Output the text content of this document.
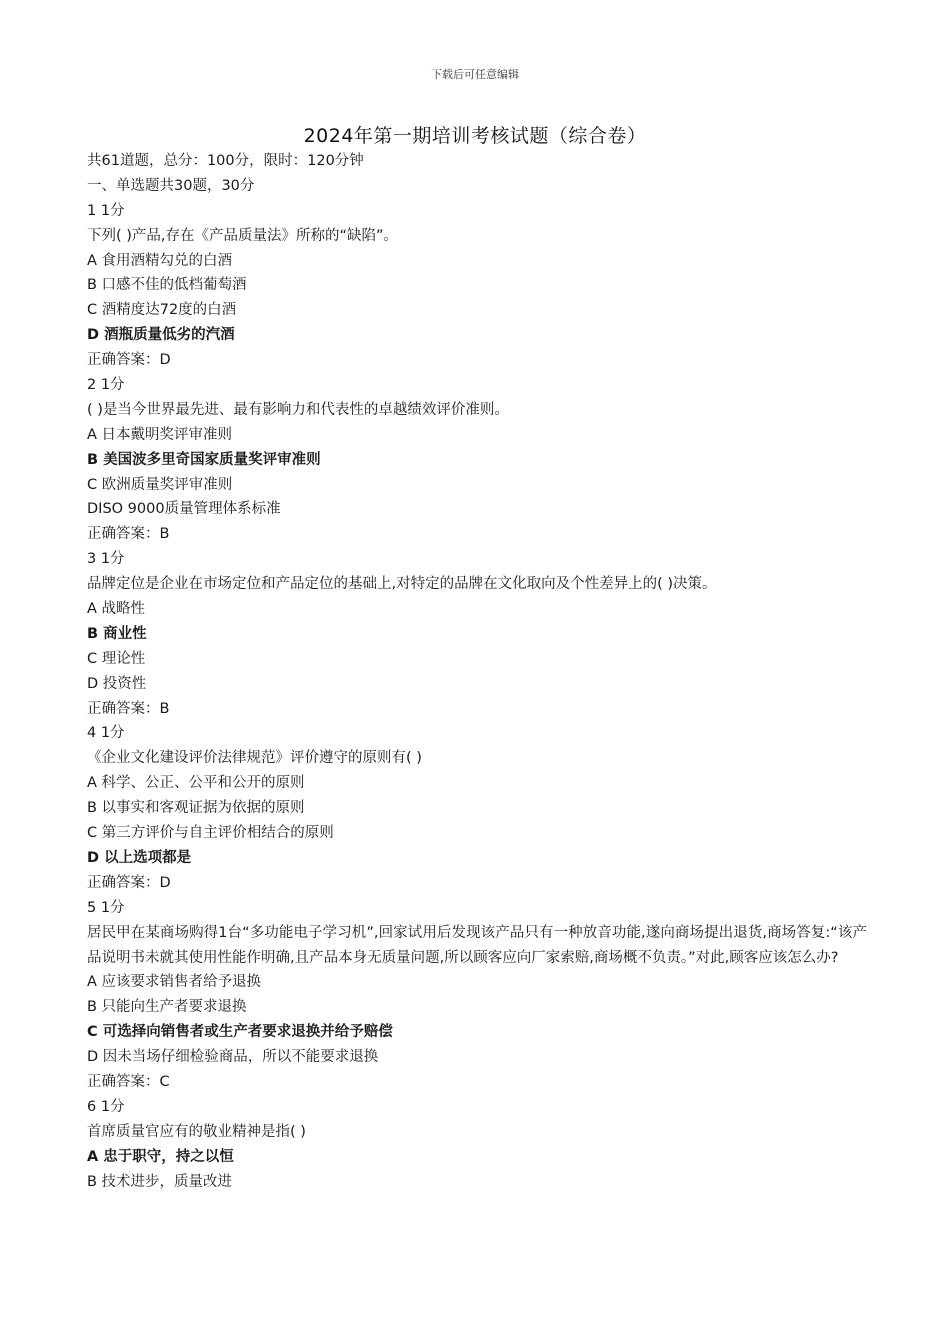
下载后可任意编辑
2024年第一期培训考核试题（综合卷）
共61道题，总分：100分，限时：120分钟
一、单选题共30题，30分
1 1分
下列( )产品,存在《产品质量法》所称的“缺陷”。
A 食用酒精勾兑的白酒
B 口感不佳的低档葡萄酒
C 酒精度达72度的白酒
D 酒瓶质量低劣的汽酒
正确答案：D
2 1分
( )是当今世界最先进、最有影响力和代表性的卓越绩效评价准则。
A 日本戴明奖评审准则
B 美国波多里奇国家质量奖评审准则
C 欧洲质量奖评审准则
DISO 9000质量管理体系标准
正确答案：B
3 1分
品牌定位是企业在市场定位和产品定位的基础上,对特定的品牌在文化取向及个性差异上的( )决策。
A 战略性
B 商业性
C 理论性
D 投资性
正确答案：B
4 1分
《企业文化建设评价法律规范》评价遵守的原则有( )
A 科学、公正、公平和公开的原则
B 以事实和客观证据为依据的原则
C 第三方评价与自主评价相结合的原则
D 以上选项都是
正确答案：D
5 1分
居民甲在某商场购得1台“多功能电子学习机”,回家试用后发现该产品只有一种放音功能,遂向商场提出退货,商场答复:“该产品说明书未就其使用性能作明确,且产品本身无质量问题,所以顾客应向厂家索赔,商场概不负责。”对此,顾客应该怎么办?
A 应该要求销售者给予退换
B 只能向生产者要求退换
C 可选择向销售者或生产者要求退换并给予赔偿
D 因未当场仔细检验商品，所以不能要求退换
正确答案：C
6 1分
首席质量官应有的敬业精神是指( )
A 忠于职守，持之以恒
B 技术进步，质量改进
